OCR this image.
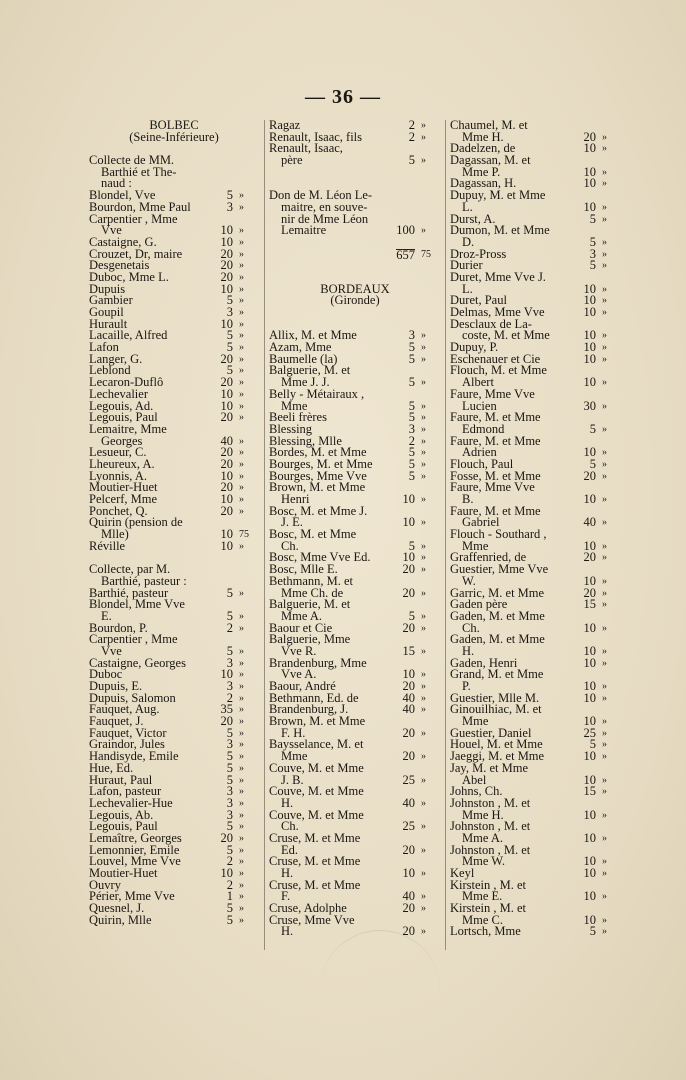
— 36 —
BOLBEC
(Seine-Inférieure)
Collecte de MM.
Barthié et The-
naud :
Blondel, Vve	5 »
Bourdon, Mme Paul	3 »
Carpentier , Mme
Vve	10 »
Castaigne, G.	10 »
Crouzet, Dr, maire	20 »
Desgenetais	20 »
Duboc, Mme L.	20 »
Dupuis	10 »
Gambier	5 »
Goupil	3 »
Hurault	10 »
Lacaille, Alfred	5 »
Lafon	5 »
Langer, G.	20 »
Leblond	5 »
Lecaron-Duflô	20 »
Lechevalier	10 »
Legouis, Ad.	10 »
Legouis, Paul	20 »
Lemaitre, Mme
Georges	40 »
Lesueur, C.	20 »
Lheureux, A.	20 »
Lyonnis, A.	10 »
Moutier-Huet	20 »
Pelcerf, Mme	10 »
Ponchet, Q.	20 »
Quirin (pension de
Mlle)	10 75
Réville	10 »
Collecte, par M.
Barthié, pasteur :
Barthié, pasteur	5 »
Blondel, Mme Vve
E.	5 »
Bourdon, P.	2 »
Carpentier , Mme
Vve	5 »
Castaigne, Georges	3 »
Duboc	10 »
Dupuis, E.	3 »
Dupuis, Salomon	2 »
Fauquet, Aug.	35 »
Fauquet, J.	20 »
Fauquet, Victor	5 »
Graindor, Jules	3 »
Handisyde, Emile	5 »
Hue, Ed.	5 »
Huraut, Paul	5 »
Lafon, pasteur	3 »
Lechevalier-Hue	3 »
Legouis, Ab.	3 »
Legouis, Paul	5 »
Lemaître, Georges	20 »
Lemonnier, Emile	5 »
Louvel, Mme Vve	2 »
Moutier-Huet	10 »
Ouvry	2 »
Périer, Mme Vve	1 »
Quesnel, J.	5 »
Quirin, Mlle	5 »
Ragaz	2 »
Renault, Isaac, fils	2 »
Renault, Isaac,
père	5 »
Don de M. Léon Le-
maitre, en souve-
nir de Mme Léon
Lemaitre	100 »
657 75
BORDEAUX
(Gironde)
Allix, M. et Mme	3 »
Azam, Mme	5 »
Baumelle (la)	5 »
Balguerie, M. et
Mme J. J.	5 »
Belly - Métairaux ,
Mme	5 »
Beeli frères	5 »
Blessing	3 »
Blessing, Mlle	2 »
Bordes, M. et Mme	5 »
Bourges, M. et Mme	5 »
Bourges, Mme Vve	5 »
Brown, M. et Mme
Henri	10 »
Bosc, M. et Mme J.
J. E.	10 »
Bosc, M. et Mme
Ch.	5 »
Bosc, Mme Vve Ed.	10 »
Bosc, Mlle E.	20 »
Bethmann, M. et
Mme Ch. de	20 »
Balguerie, M. et
Mme A.	5 »
Baour et Cie	20 »
Balguerie, Mme
Vve R.	15 »
Brandenburg, Mme
Vve A.	10 »
Baour, André	20 »
Bethmann, Ed. de	40 »
Brandenburg, J.	40 »
Brown, M. et Mme
F. H.	20 »
Baysselance, M. et
Mme	20 »
Couve, M. et Mme
J. B.	25 »
Couve, M. et Mme
H.	40 »
Couve, M. et Mme
Ch.	25 »
Cruse, M. et Mme
Ed.	20 »
Cruse, M. et Mme
H.	10 »
Cruse, M. et Mme
F.	40 »
Cruse, Adolphe	20 »
Cruse, Mme Vve
H.	20 »
Chaumel, M. et
Mme H.	20 »
Dadelzen, de	10 »
Dagassan, M. et
Mme P.	10 »
Dagassan, H.	10 »
Dupuy, M. et Mme
L.	10 »
Durst, A.	5 »
Dumon, M. et Mme
D.	5 »
Droz-Pross	3 »
Durier	5 »
Duret, Mme Vve J.
L.	10 »
Duret, Paul	10 »
Delmas, Mme Vve	10 »
Desclaux de La-
coste, M. et Mme	10 »
Dupuy, P.	10 »
Eschenauer et Cie	10 »
Flouch, M. et Mme
Albert	10 »
Faure, Mme Vve
Lucien	30 »
Faure, M. et Mme
Edmond	5 »
Faure, M. et Mme
Adrien	10 »
Flouch, Paul	5 »
Fosse, M. et Mme	20 »
Faure, Mme Vve
B.	10 »
Faure, M. et Mme
Gabriel	40 »
Flouch - Southard ,
Mme	10 »
Graffenried, de	20 »
Guestier, Mme Vve
W.	10 »
Garric, M. et Mme	20 »
Gaden père	15 »
Gaden, M. et Mme
Ch.	10 »
Gaden, M. et Mme
H.	10 »
Gaden, Henri	10 »
Grand, M. et Mme
P.	10 »
Guestier, Mlle M.	10 »
Ginouilhiac, M. et
Mme	10 »
Guestier, Daniel	25 »
Houel, M. et Mme	5 »
Jaeggi, M. et Mme	10 »
Jay, M. et Mme
Abel	10 »
Johns, Ch.	15 »
Johnston , M. et
Mme H.	10 »
Johnston , M. et
Mme A.	10 »
Johnston , M. et
Mme W.	10 »
Keyl	10 »
Kirstein , M. et
Mme E.	10 »
Kirstein , M. et
Mme C.	10 »
Lortsch, Mme	5 »
